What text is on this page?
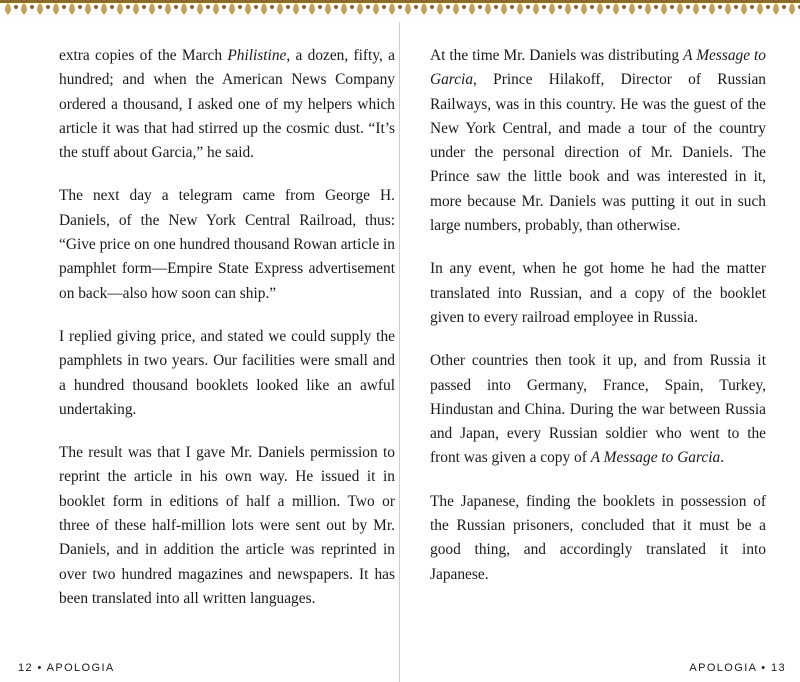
extra copies of the March Philistine, a dozen, fifty, a hundred; and when the American News Company ordered a thousand, I asked one of my helpers which article it was that had stirred up the cosmic dust. “It’s the stuff about Garcia,” he said.

The next day a telegram came from George H. Daniels, of the New York Central Railroad, thus: “Give price on one hundred thousand Rowan article in pamphlet form—Empire State Express advertisement on back—also how soon can ship.”

I replied giving price, and stated we could supply the pamphlets in two years. Our facilities were small and a hundred thousand booklets looked like an awful undertaking.

The result was that I gave Mr. Daniels permission to reprint the article in his own way. He issued it in booklet form in editions of half a million. Two or three of these half-million lots were sent out by Mr. Daniels, and in addition the article was reprinted in over two hundred magazines and newspapers. It has been translated into all written languages.

At the time Mr. Daniels was distributing A Message to Garcia, Prince Hilakoff, Director of Russian Railways, was in this country. He was the guest of the New York Central, and made a tour of the country under the personal direction of Mr. Daniels. The Prince saw the little book and was interested in it, more because Mr. Daniels was putting it out in such large numbers, probably, than otherwise.

In any event, when he got home he had the matter translated into Russian, and a copy of the booklet given to every railroad employee in Russia.

Other countries then took it up, and from Russia it passed into Germany, France, Spain, Turkey, Hindustan and China. During the war between Russia and Japan, every Russian soldier who went to the front was given a copy of A Message to Garcia.

The Japanese, finding the booklets in possession of the Russian prisoners, concluded that it must be a good thing, and accordingly translated it into Japanese.

12 • APOLOGIA	APOLOGIA • 13
